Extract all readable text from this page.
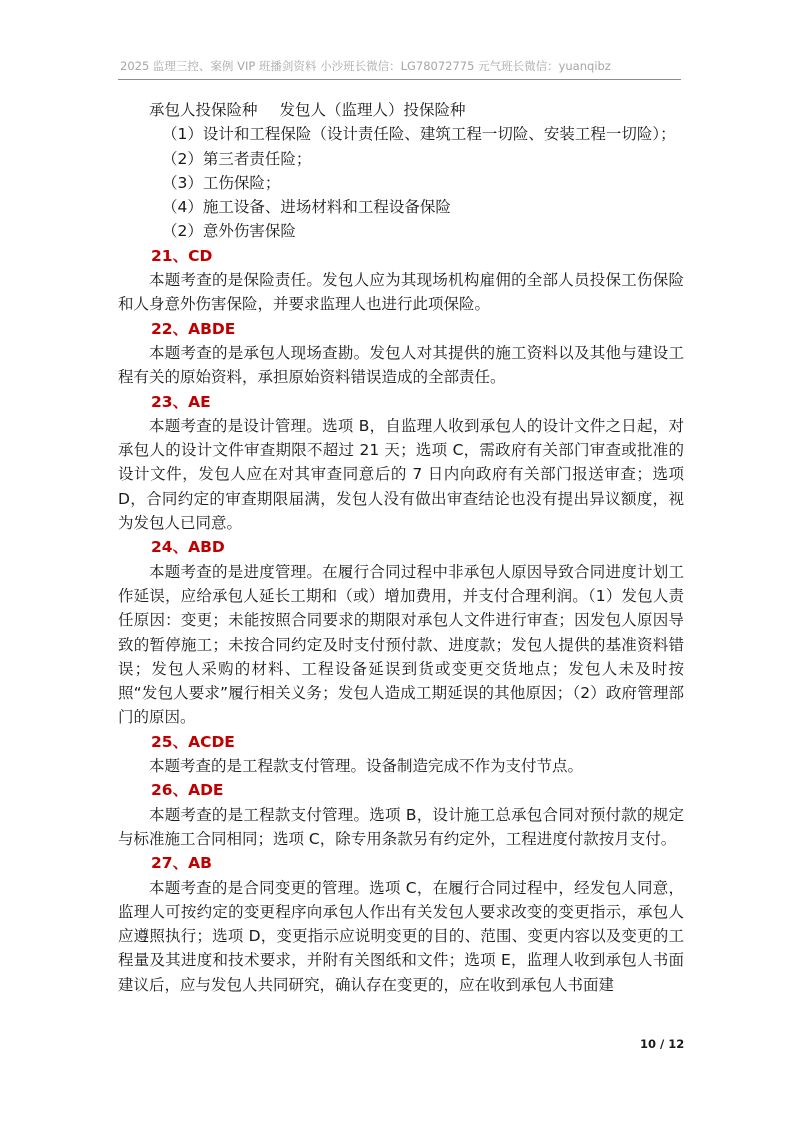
2025 监理三控、案例 VIP 班播剑资料 小沙班长微信：LG78072775 元气班长微信：yuanqibz

承包人投保险种 发包人（监理人）投保险种

（1）设计和工程保险（设计责任险、建筑工程一切险、安装工程一切险）；

（2）第三者责任险；

（3）工伤保险；

（4）施工设备、进场材料和工程设备保险

（2）意外伤害保险

21、CD

本题考查的是保险责任。发包人应为其现场机构雇佣的全部人员投保工伤保险和人身意外伤害保险，并要求监理人也进行此项保险。

22、ABDE

本题考查的是承包人现场查勘。发包人对其提供的施工资料以及其他与建设工程有关的原始资料，承担原始资料错误造成的全部责任。

23、AE

本题考查的是设计管理。选项 B，自监理人收到承包人的设计文件之日起，对承包人的设计文件审查期限不超过 21 天；选项 C，需政府有关部门审查或批准的设计文件，发包人应在对其审查同意后的 7 日内向政府有关部门报送审查；选项 D，合同约定的审查期限届满，发包人没有做出审查结论也没有提出异议额度，视为发包人已同意。

24、ABD

本题考查的是进度管理。在履行合同过程中非承包人原因导致合同进度计划工作延误，应给承包人延长工期和（或）增加费用，并支付合理利润。（1）发包人责任原因：变更；未能按照合同要求的期限对承包人文件进行审查；因发包人原因导致的暂停施工；未按合同约定及时支付预付款、进度款；发包人提供的基准资料错误；发包人采购的材料、工程设备延误到货或变更交货地点；发包人未及时按照“发包人要求”履行相关义务；发包人造成工期延误的其他原因；（2）政府管理部门的原因。

25、ACDE

本题考查的是工程款支付管理。设备制造完成不作为支付节点。

26、ADE

本题考查的是工程款支付管理。选项 B，设计施工总承包合同对预付款的规定与标准施工合同相同；选项 C，除专用条款另有约定外，工程进度付款按月支付。

27、AB

本题考查的是合同变更的管理。选项 C，在履行合同过程中，经发包人同意，监理人可按约定的变更程序向承包人作出有关发包人要求改变的变更指示，承包人应遵照执行；选项 D，变更指示应说明变更的目的、范围、变更内容以及变更的工程量及其进度和技术要求，并附有关图纸和文件；选项 E，监理人收到承包人书面建议后，应与发包人共同研究，确认存在变更的，应在收到承包人书面建

10 / 12
